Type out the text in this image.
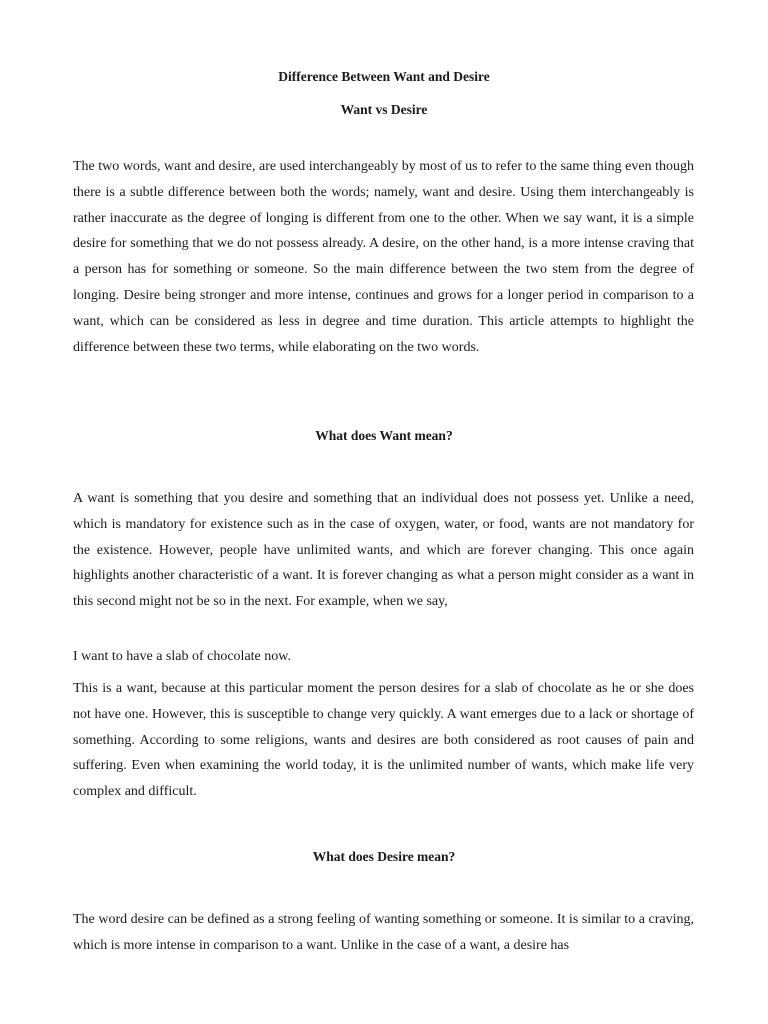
Difference Between Want and Desire
Want vs Desire

The two words, want and desire, are used interchangeably by most of us to refer to the same thing even though there is a subtle difference between both the words; namely, want and desire. Using them interchangeably is rather inaccurate as the degree of longing is different from one to the other. When we say want, it is a simple desire for something that we do not possess already. A desire, on the other hand, is a more intense craving that a person has for something or someone. So the main difference between the two stem from the degree of longing. Desire being stronger and more intense, continues and grows for a longer period in comparison to a want, which can be considered as less in degree and time duration. This article attempts to highlight the difference between these two terms, while elaborating on the two words.

What does Want mean?

A want is something that you desire and something that an individual does not possess yet. Unlike a need, which is mandatory for existence such as in the case of oxygen, water, or food, wants are not mandatory for the existence. However, people have unlimited wants, and which are forever changing. This once again highlights another characteristic of a want. It is forever changing as what a person might consider as a want in this second might not be so in the next. For example, when we say,

I want to have a slab of chocolate now.

This is a want, because at this particular moment the person desires for a slab of chocolate as he or she does not have one. However, this is susceptible to change very quickly. A want emerges due to a lack or shortage of something. According to some religions, wants and desires are both considered as root causes of pain and suffering. Even when examining the world today, it is the unlimited number of wants, which make life very complex and difficult.

What does Desire mean?

The word desire can be defined as a strong feeling of wanting something or someone. It is similar to a craving, which is more intense in comparison to a want. Unlike in the case of a want, a desire has
